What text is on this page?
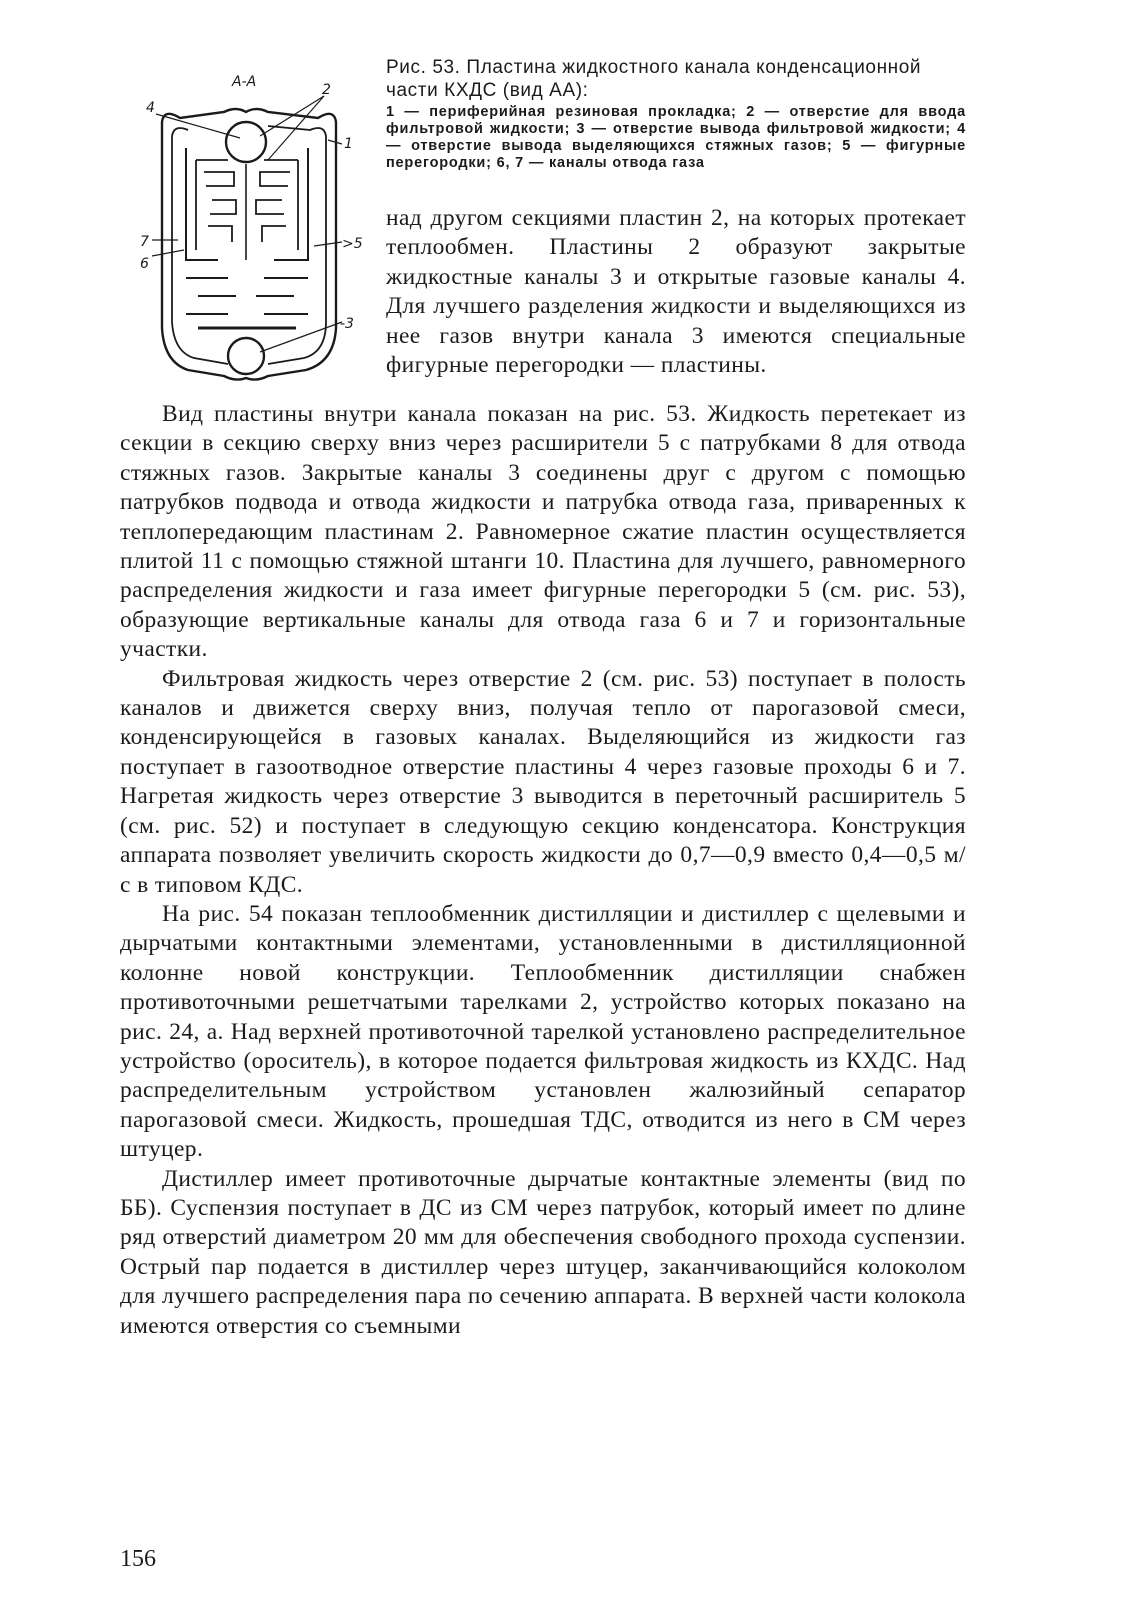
А-А
4
2
1
7
6
>5
-3

Рис. 53. Пластина жидкостного канала конденсационной части КХДС (вид АА):

1 — периферийная резиновая прокладка; 2 — отверстие для ввода фильтровой жидкости; 3 — отверстие вывода фильтровой жидкости; 4 — отверстие вывода выделяющихся стяжных газов; 5 — фигурные перегородки; 6, 7 — каналы отвода газа

над другом секциями пластин 2, на которых протекает теплообмен. Пластины 2 образуют закрытые жидкостные каналы 3 и открытые газовые каналы 4. Для лучшего разделения жидкости и выделяющихся из нее газов внутри канала 3 имеются специальные фигурные перегородки — пластины.

Вид пластины внутри канала показан на рис. 53. Жидкость перетекает из секции в секцию сверху вниз через расширители 5 с патрубками 8 для отвода стяжных газов. Закрытые каналы 3 соединены друг с другом с помощью патрубков подвода и отвода жидкости и патрубка отвода газа, приваренных к теплопередающим пластинам 2. Равномерное сжатие пластин осуществляется плитой 11 с помощью стяжной штанги 10. Пластина для лучшего, равномерного распределения жидкости и газа имеет фигурные перегородки 5 (см. рис. 53), образующие вертикальные каналы для отвода газа 6 и 7 и горизонтальные участки.

Фильтровая жидкость через отверстие 2 (см. рис. 53) поступает в полость каналов и движется сверху вниз, получая тепло от парогазовой смеси, конденсирующейся в газовых каналах. Выделяющийся из жидкости газ поступает в газоотводное отверстие пластины 4 через газовые проходы 6 и 7. Нагретая жидкость через отверстие 3 выводится в переточный расширитель 5 (см. рис. 52) и поступает в следующую секцию конденсатора. Конструкция аппарата позволяет увеличить скорость жидкости до 0,7—0,9 вместо 0,4—0,5 м/с в типовом КДС.

На рис. 54 показан теплообменник дистилляции и дистиллер с щелевыми и дырчатыми контактными элементами, установленными в дистилляционной колонне новой конструкции. Теплообменник дистилляции снабжен противоточными решетчатыми тарелками 2, устройство которых показано на рис. 24, а. Над верхней противоточной тарелкой установлено распределительное устройство (ороситель), в которое подается фильтровая жидкость из КХДС. Над распределительным устройством установлен жалюзийный сепаратор парогазовой смеси. Жидкость, прошедшая ТДС, отводится из него в СМ через штуцер.

Дистиллер имеет противоточные дырчатые контактные элементы (вид по ББ). Суспензия поступает в ДС из СМ через патрубок, который имеет по длине ряд отверстий диаметром 20 мм для обеспечения свободного прохода суспензии. Острый пар подается в дистиллер через штуцер, заканчивающийся колоколом для лучшего распределения пара по сечению аппарата. В верхней части колокола имеются отверстия со съемными

156
